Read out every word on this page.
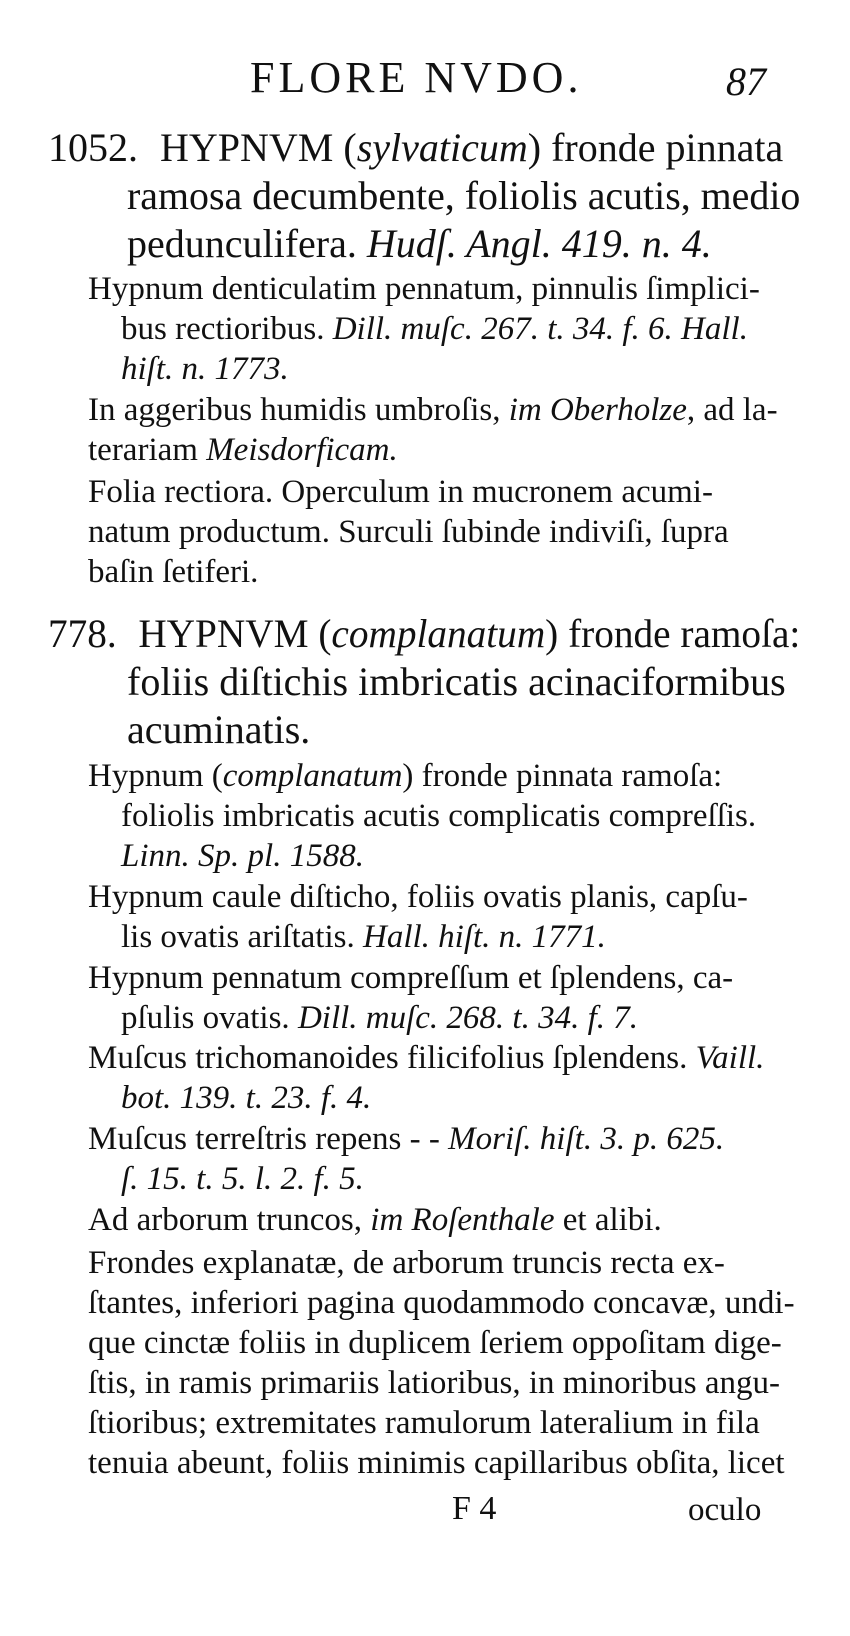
FLORE NVDO.	87
1052. HYPNVM (sylvaticum) fronde pinnata
ramosa decumbente, foliolis acutis, medio
pedunculifera. Hudſ. Angl. 419. n. 4.
Hypnum denticulatim pennatum, pinnulis ſimplici-
bus rectioribus. Dill. muſc. 267. t. 34. f. 6. Hall.
hiſt. n. 1773.
In aggeribus humidis umbroſis, im Oberholze, ad la-
terariam Meisdorficam.
Folia rectiora. Operculum in mucronem acumi-
natum productum. Surculi ſubinde indiviſi, ſupra
baſin ſetiferi.
778. HYPNVM (complanatum) fronde ramoſa:
foliis diſtichis imbricatis acinaciformibus
acuminatis.
Hypnum (complanatum) fronde pinnata ramoſa:
foliolis imbricatis acutis complicatis compreſſis.
Linn. Sp. pl. 1588.
Hypnum caule diſticho, foliis ovatis planis, capſu-
lis ovatis ariſtatis. Hall. hiſt. n. 1771.
Hypnum pennatum compreſſum et ſplendens, ca-
pſulis ovatis. Dill. muſc. 268. t. 34. f. 7.
Muſcus trichomanoides filicifolius ſplendens. Vaill.
bot. 139. t. 23. f. 4.
Muſcus terreſtris repens - - Moriſ. hiſt. 3. p. 625.
ſ. 15. t. 5. l. 2. f. 5.
Ad arborum truncos, im Roſenthale et alibi.
Frondes explanatæ, de arborum truncis recta ex-
ſtantes, inferiori pagina quodammodo concavæ, undi-
que cinctæ foliis in duplicem ſeriem oppoſitam dige-
ſtis, in ramis primariis latioribus, in minoribus angu-
ſtioribus; extremitates ramulorum lateralium in fila
tenuia abeunt, foliis minimis capillaribus obſita, licet
F 4	oculo
